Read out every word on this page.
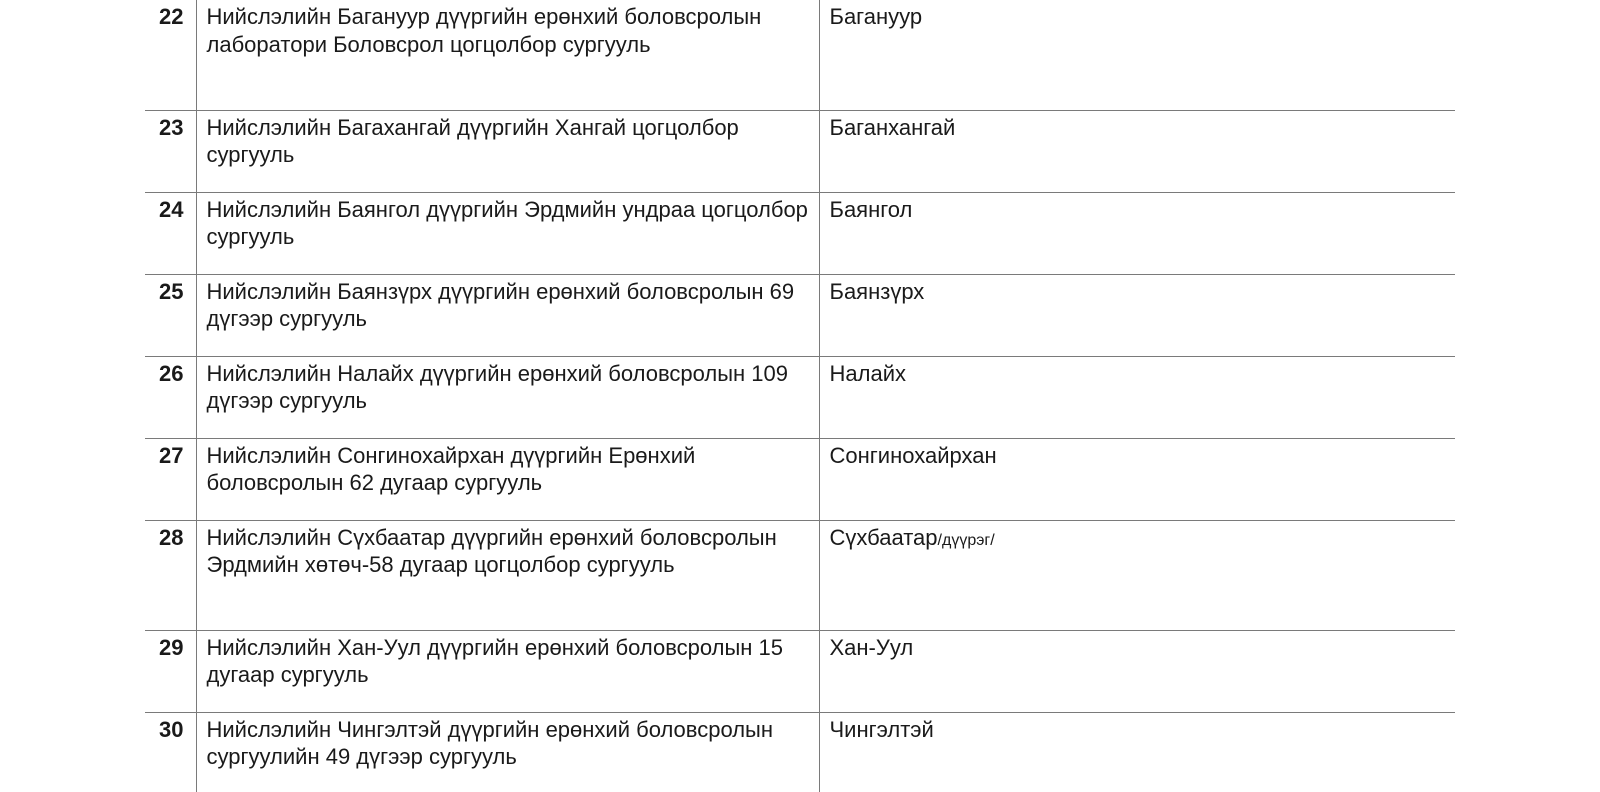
22	Нийслэлийн Багануур дүүргийн ерөнхий боловсролын лаборатори Боловсрол цогцолбор сургууль	Багануур
23	Нийслэлийн Багахангай дүүргийн Хангай цогцолбор сургууль	Баганхангай
24	Нийслэлийн Баянгол дүүргийн Эрдмийн ундраа цогцолбор сургууль	Баянгол
25	Нийслэлийн Баянзүрх дүүргийн ерөнхий боловсролын 69 дүгээр сургууль	Баянзүрх
26	Нийслэлийн Налайх дүүргийн ерөнхий боловсролын 109 дүгээр сургууль	Налайх
27	Нийслэлийн Сонгинохайрхан дүүргийн Ерөнхий боловсролын 62 дугаар сургууль	Сонгинохайрхан
28	Нийслэлийн Сүхбаатар дүүргийн ерөнхий боловсролын Эрдмийн хөтөч-58 дугаар цогцолбор сургууль	Сүхбаатар/дүүрэг/
29	Нийслэлийн Хан-Уул дүүргийн ерөнхий боловсролын 15 дугаар сургууль	Хан-Уул
30	Нийслэлийн Чингэлтэй дүүргийн ерөнхий боловсролын сургуулийн 49 дүгээр сургууль	Чингэлтэй
